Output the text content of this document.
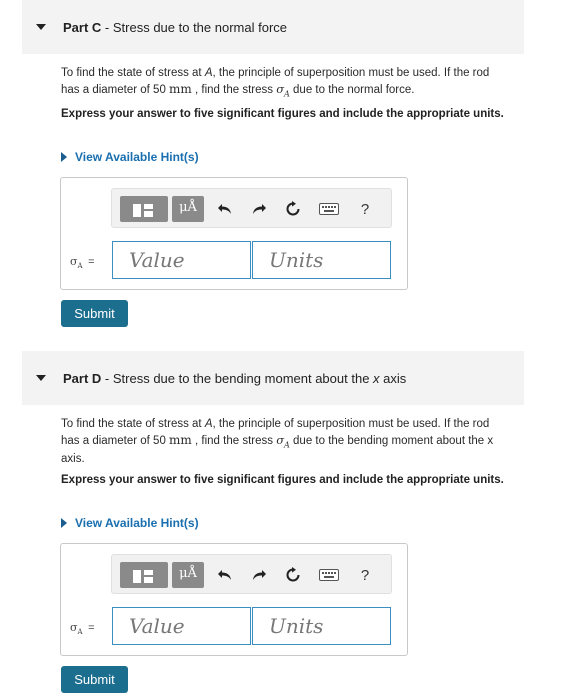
Part C - Stress due to the normal force

To find the state of stress at A, the principle of superposition must be used. If the rod has a diameter of 50 mm , find the stress $\sigma_A$ due to the normal force.

Express your answer to five significant figures and include the appropriate units.

View Available Hint(s)
μÅ	?
$\sigma_A$ =	Value	Units
Submit
Part D - Stress due to the bending moment about the x axis

To find the state of stress at A, the principle of superposition must be used. If the rod has a diameter of 50 mm , find the stress $\sigma_A$ due to the bending moment about the x axis.

Express your answer to five significant figures and include the appropriate units.

View Available Hint(s)
μÅ	?
$\sigma_A$ =	Value	Units
Submit
